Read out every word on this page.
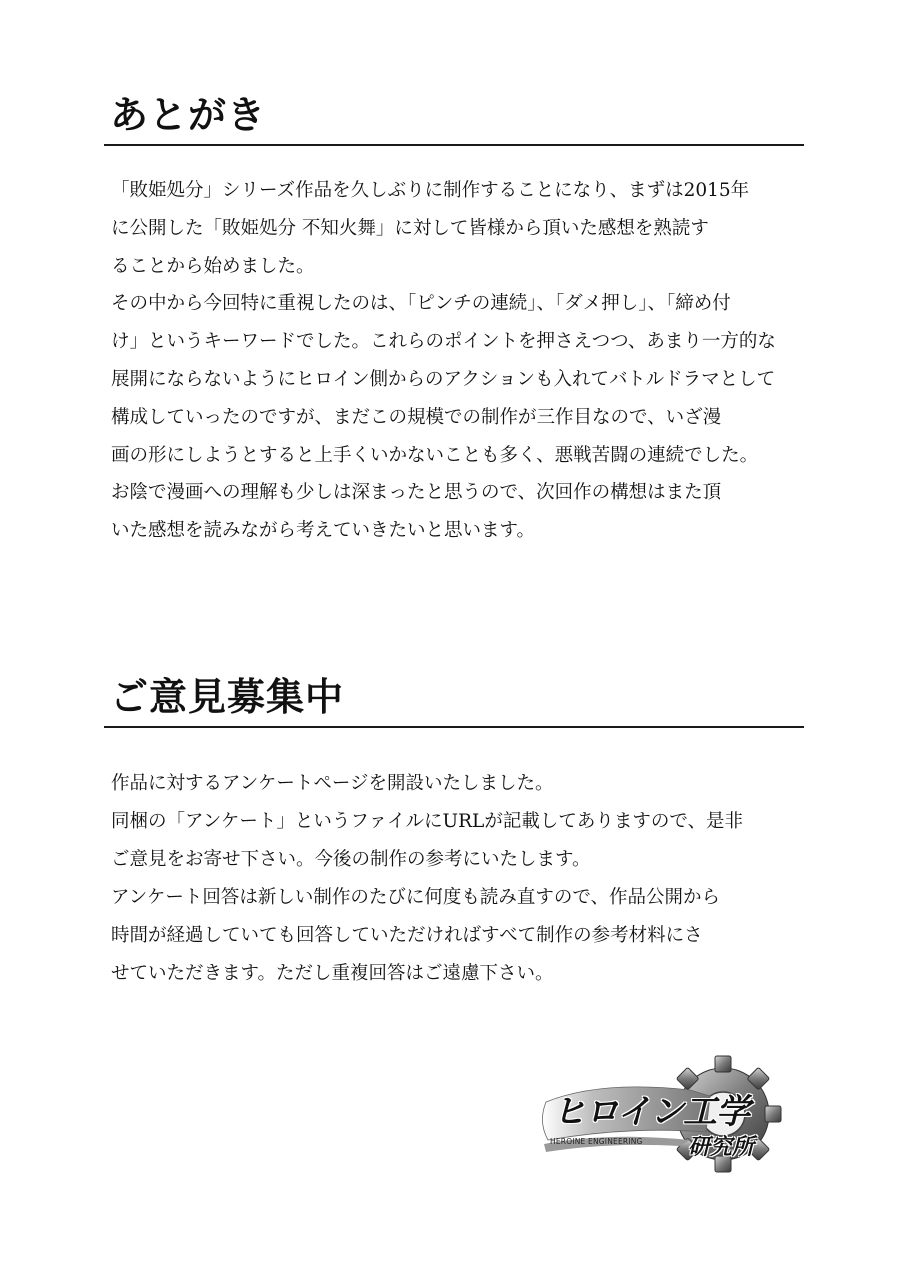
あとがき
「敗姫処分」シリーズ作品を久しぶりに制作することになり、まずは2015年
に公開した「敗姫処分 不知火舞」に対して皆様から頂いた感想を熟読す
ることから始めました。
その中から今回特に重視したのは、「ピンチの連続」、「ダメ押し」、「締め付
け」というキーワードでした。これらのポイントを押さえつつ、あまり一方的な
展開にならないようにヒロイン側からのアクションも入れてバトルドラマとして
構成していったのですが、まだこの規模での制作が三作目なので、いざ漫
画の形にしようとすると上手くいかないことも多く、悪戦苦闘の連続でした。
お陰で漫画への理解も少しは深まったと思うので、次回作の構想はまた頂
いた感想を読みながら考えていきたいと思います。
ご意見募集中
作品に対するアンケートページを開設いたしました。
同梱の「アンケート」というファイルにURLが記載してありますので、是非
ご意見をお寄せ下さい。今後の制作の参考にいたします。
アンケート回答は新しい制作のたびに何度も読み直すので、作品公開から
時間が経過していても回答していただければすべて制作の参考材料にさ
せていただきます。ただし重複回答はご遠慮下さい。
ヒロイン工学
HEROINE ENGINEERING 研究所
